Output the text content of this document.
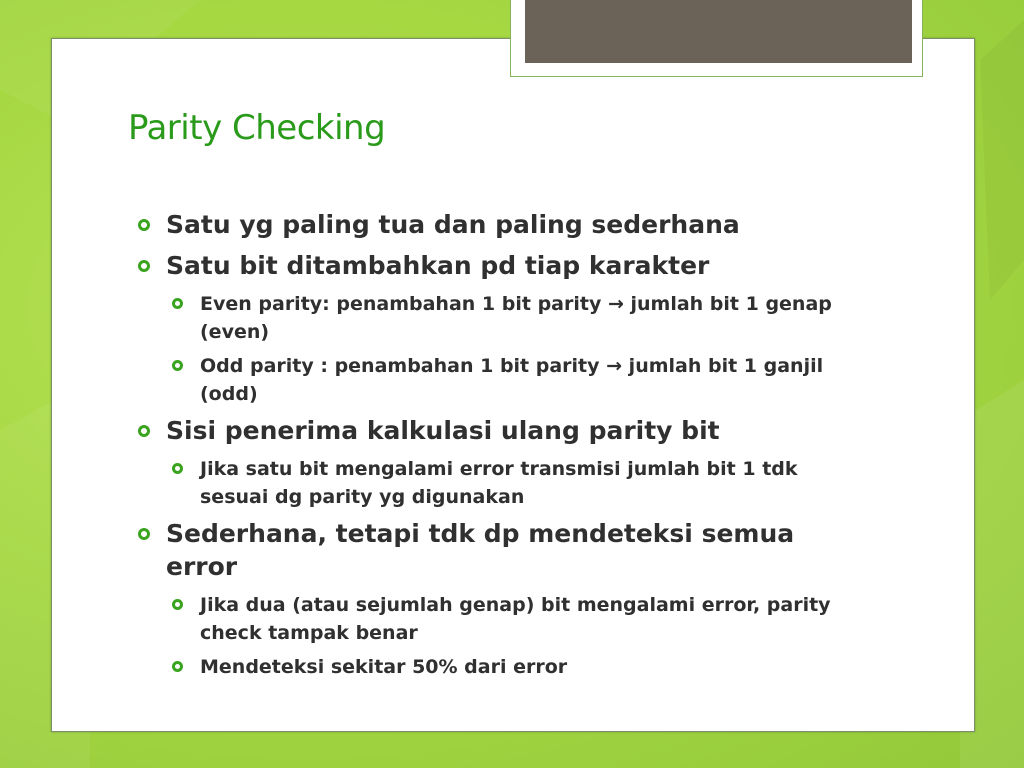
Parity Checking
Satu yg paling tua dan paling sederhana
Satu bit ditambahkan pd tiap karakter
Even parity: penambahan 1 bit parity → jumlah bit 1 genap (even)
Odd parity : penambahan 1 bit parity → jumlah bit 1 ganjil (odd)
Sisi penerima kalkulasi ulang parity bit
Jika satu bit mengalami error transmisi jumlah bit 1 tdk sesuai dg parity yg digunakan
Sederhana, tetapi tdk dp mendeteksi semua error
Jika dua (atau sejumlah genap) bit mengalami error, parity check tampak benar
Mendeteksi sekitar 50% dari error
